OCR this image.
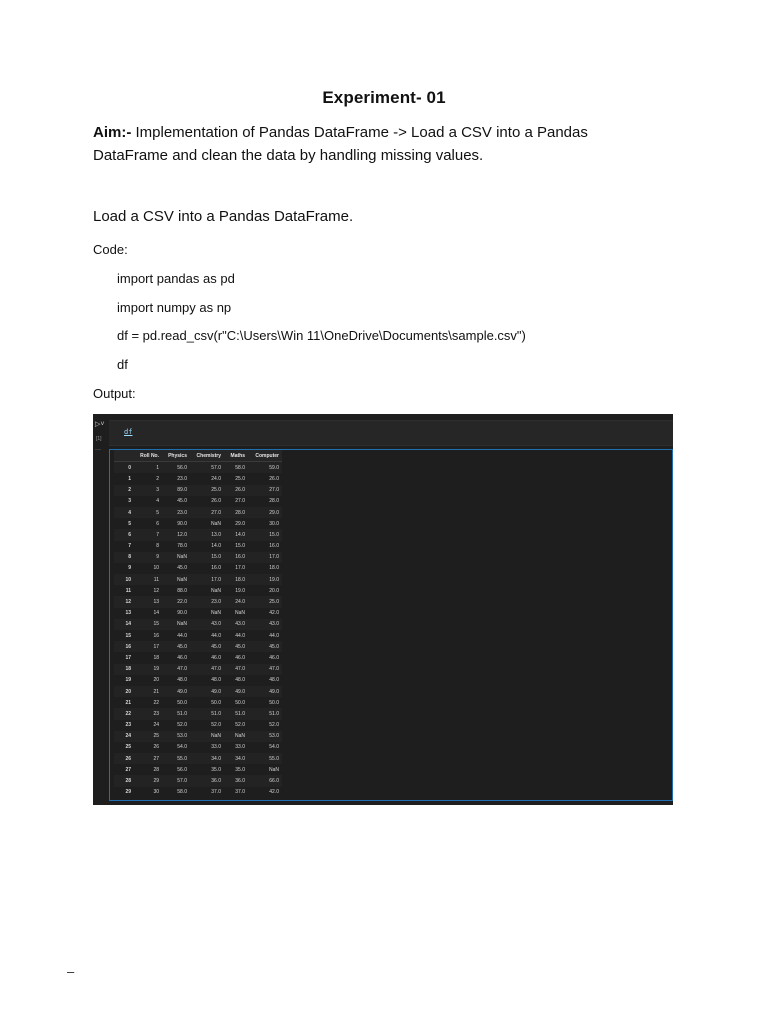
Experiment- 01
Aim:- Implementation of Pandas DataFrame -> Load a CSV into a Pandas DataFrame and clean the data by handling missing values.
Load a CSV into a Pandas DataFrame.
Code:
import pandas as pd
import numpy as np
df = pd.read_csv(r"C:\Users\Win 11\OneDrive\Documents\sample.csv")
df
Output:
▷˅
[1]
···
df
	Roll No.	Physics	Chemistry	Maths	Computer
0	1	56.0	57.0	58.0	59.0
1	2	23.0	24.0	25.0	26.0
2	3	89.0	25.0	26.0	27.0
3	4	45.0	26.0	27.0	28.0
4	5	23.0	27.0	28.0	29.0
5	6	90.0	NaN	29.0	30.0
6	7	12.0	13.0	14.0	15.0
7	8	78.0	14.0	15.0	16.0
8	9	NaN	15.0	16.0	17.0
9	10	45.0	16.0	17.0	18.0
10	11	NaN	17.0	18.0	19.0
11	12	88.0	NaN	19.0	20.0
12	13	22.0	23.0	24.0	25.0
13	14	90.0	NaN	NaN	42.0
14	15	NaN	43.0	43.0	43.0
15	16	44.0	44.0	44.0	44.0
16	17	45.0	45.0	45.0	45.0
17	18	46.0	46.0	46.0	46.0
18	19	47.0	47.0	47.0	47.0
19	20	48.0	48.0	48.0	48.0
20	21	49.0	49.0	49.0	49.0
21	22	50.0	50.0	50.0	50.0
22	23	51.0	51.0	51.0	51.0
23	24	52.0	52.0	52.0	52.0
24	25	53.0	NaN	NaN	53.0
25	26	54.0	33.0	33.0	54.0
26	27	55.0	34.0	34.0	55.0
27	28	56.0	35.0	35.0	NaN
28	29	57.0	36.0	36.0	66.0
29	30	58.0	37.0	37.0	42.0
–
